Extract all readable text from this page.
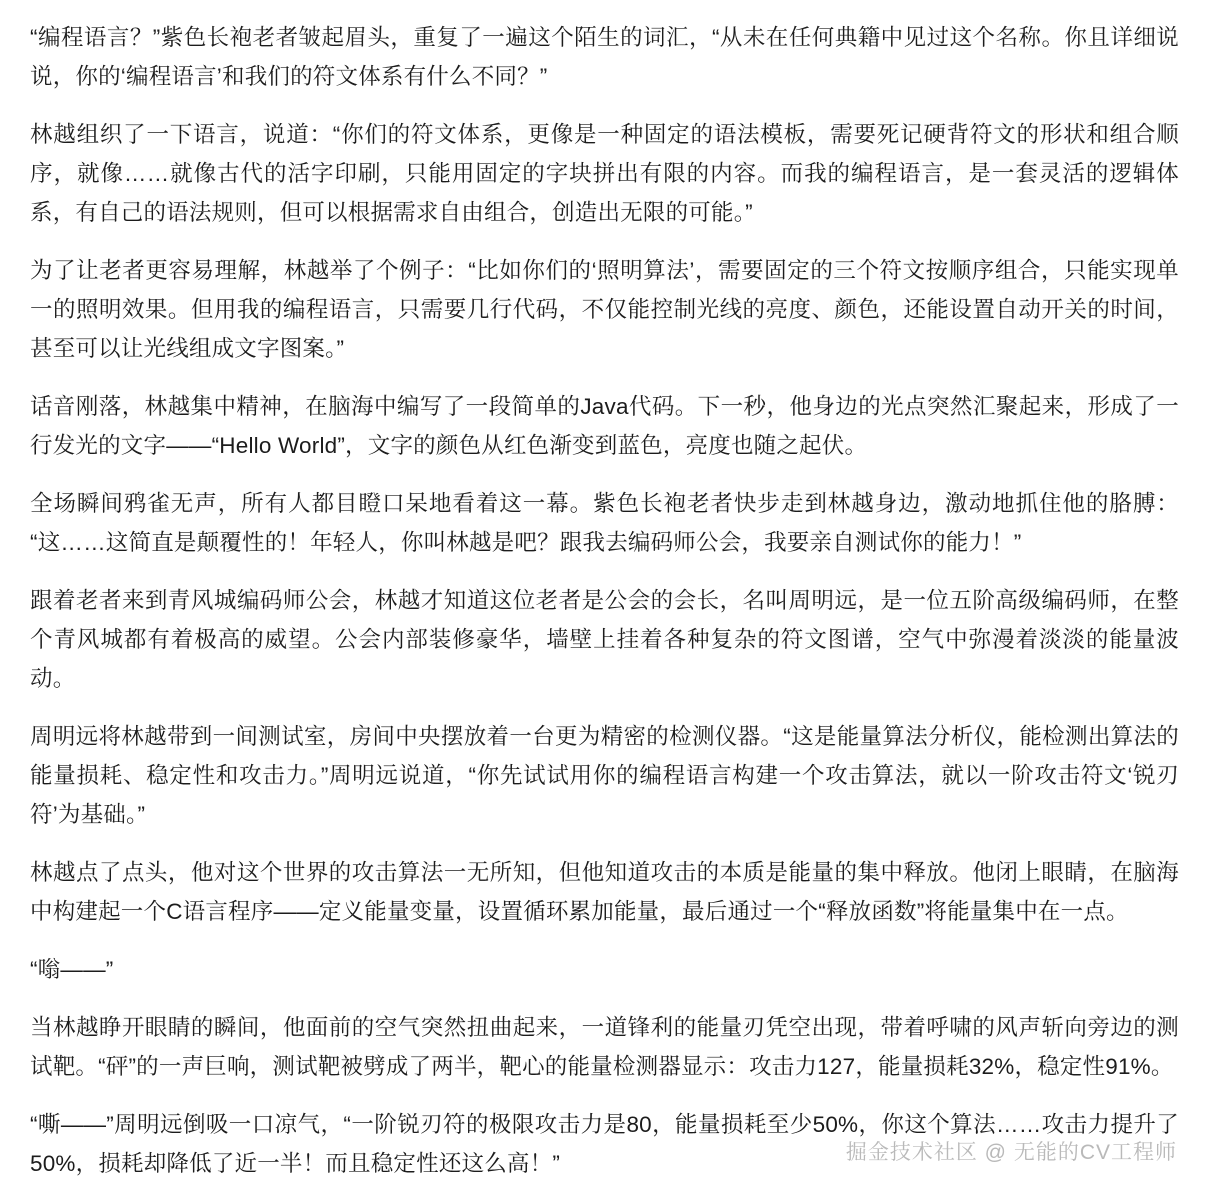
“编程语言？”紫色长袍老者皱起眉头，重复了一遍这个陌生的词汇，“从未在任何典籍中见过这个名称。你且详细说说，你的‘编程语言’和我们的符文体系有什么不同？”

林越组织了一下语言，说道：“你们的符文体系，更像是一种固定的语法模板，需要死记硬背符文的形状和组合顺序，就像……就像古代的活字印刷，只能用固定的字块拼出有限的内容。而我的编程语言，是一套灵活的逻辑体系，有自己的语法规则，但可以根据需求自由组合，创造出无限的可能。”

为了让老者更容易理解，林越举了个例子：“比如你们的‘照明算法’，需要固定的三个符文按顺序组合，只能实现单一的照明效果。但用我的编程语言，只需要几行代码，不仅能控制光线的亮度、颜色，还能设置自动开关的时间，甚至可以让光线组成文字图案。”

话音刚落，林越集中精神，在脑海中编写了一段简单的Java代码。下一秒，他身边的光点突然汇聚起来，形成了一行发光的文字——“Hello World”，文字的颜色从红色渐变到蓝色，亮度也随之起伏。

全场瞬间鸦雀无声，所有人都目瞪口呆地看着这一幕。紫色长袍老者快步走到林越身边，激动地抓住他的胳膊：“这……这简直是颠覆性的！年轻人，你叫林越是吧？跟我去编码师公会，我要亲自测试你的能力！”

跟着老者来到青风城编码师公会，林越才知道这位老者是公会的会长，名叫周明远，是一位五阶高级编码师，在整个青风城都有着极高的威望。公会内部装修豪华，墙壁上挂着各种复杂的符文图谱，空气中弥漫着淡淡的能量波动。

周明远将林越带到一间测试室，房间中央摆放着一台更为精密的检测仪器。“这是能量算法分析仪，能检测出算法的能量损耗、稳定性和攻击力。”周明远说道，“你先试试用你的编程语言构建一个攻击算法，就以一阶攻击符文‘锐刃符’为基础。”

林越点了点头，他对这个世界的攻击算法一无所知，但他知道攻击的本质是能量的集中释放。他闭上眼睛，在脑海中构建起一个C语言程序——定义能量变量，设置循环累加能量，最后通过一个“释放函数”将能量集中在一点。

“嗡——”

当林越睁开眼睛的瞬间，他面前的空气突然扭曲起来，一道锋利的能量刃凭空出现，带着呼啸的风声斩向旁边的测试靶。“砰”的一声巨响，测试靶被劈成了两半，靶心的能量检测器显示：攻击力127，能量损耗32%，稳定性91%。

“嘶——”周明远倒吸一口凉气，“一阶锐刃符的极限攻击力是80，能量损耗至少50%，你这个算法……攻击力提升了50%，损耗却降低了近一半！而且稳定性还这么高！”	掘金技术社区 @ 无能的CV工程师
